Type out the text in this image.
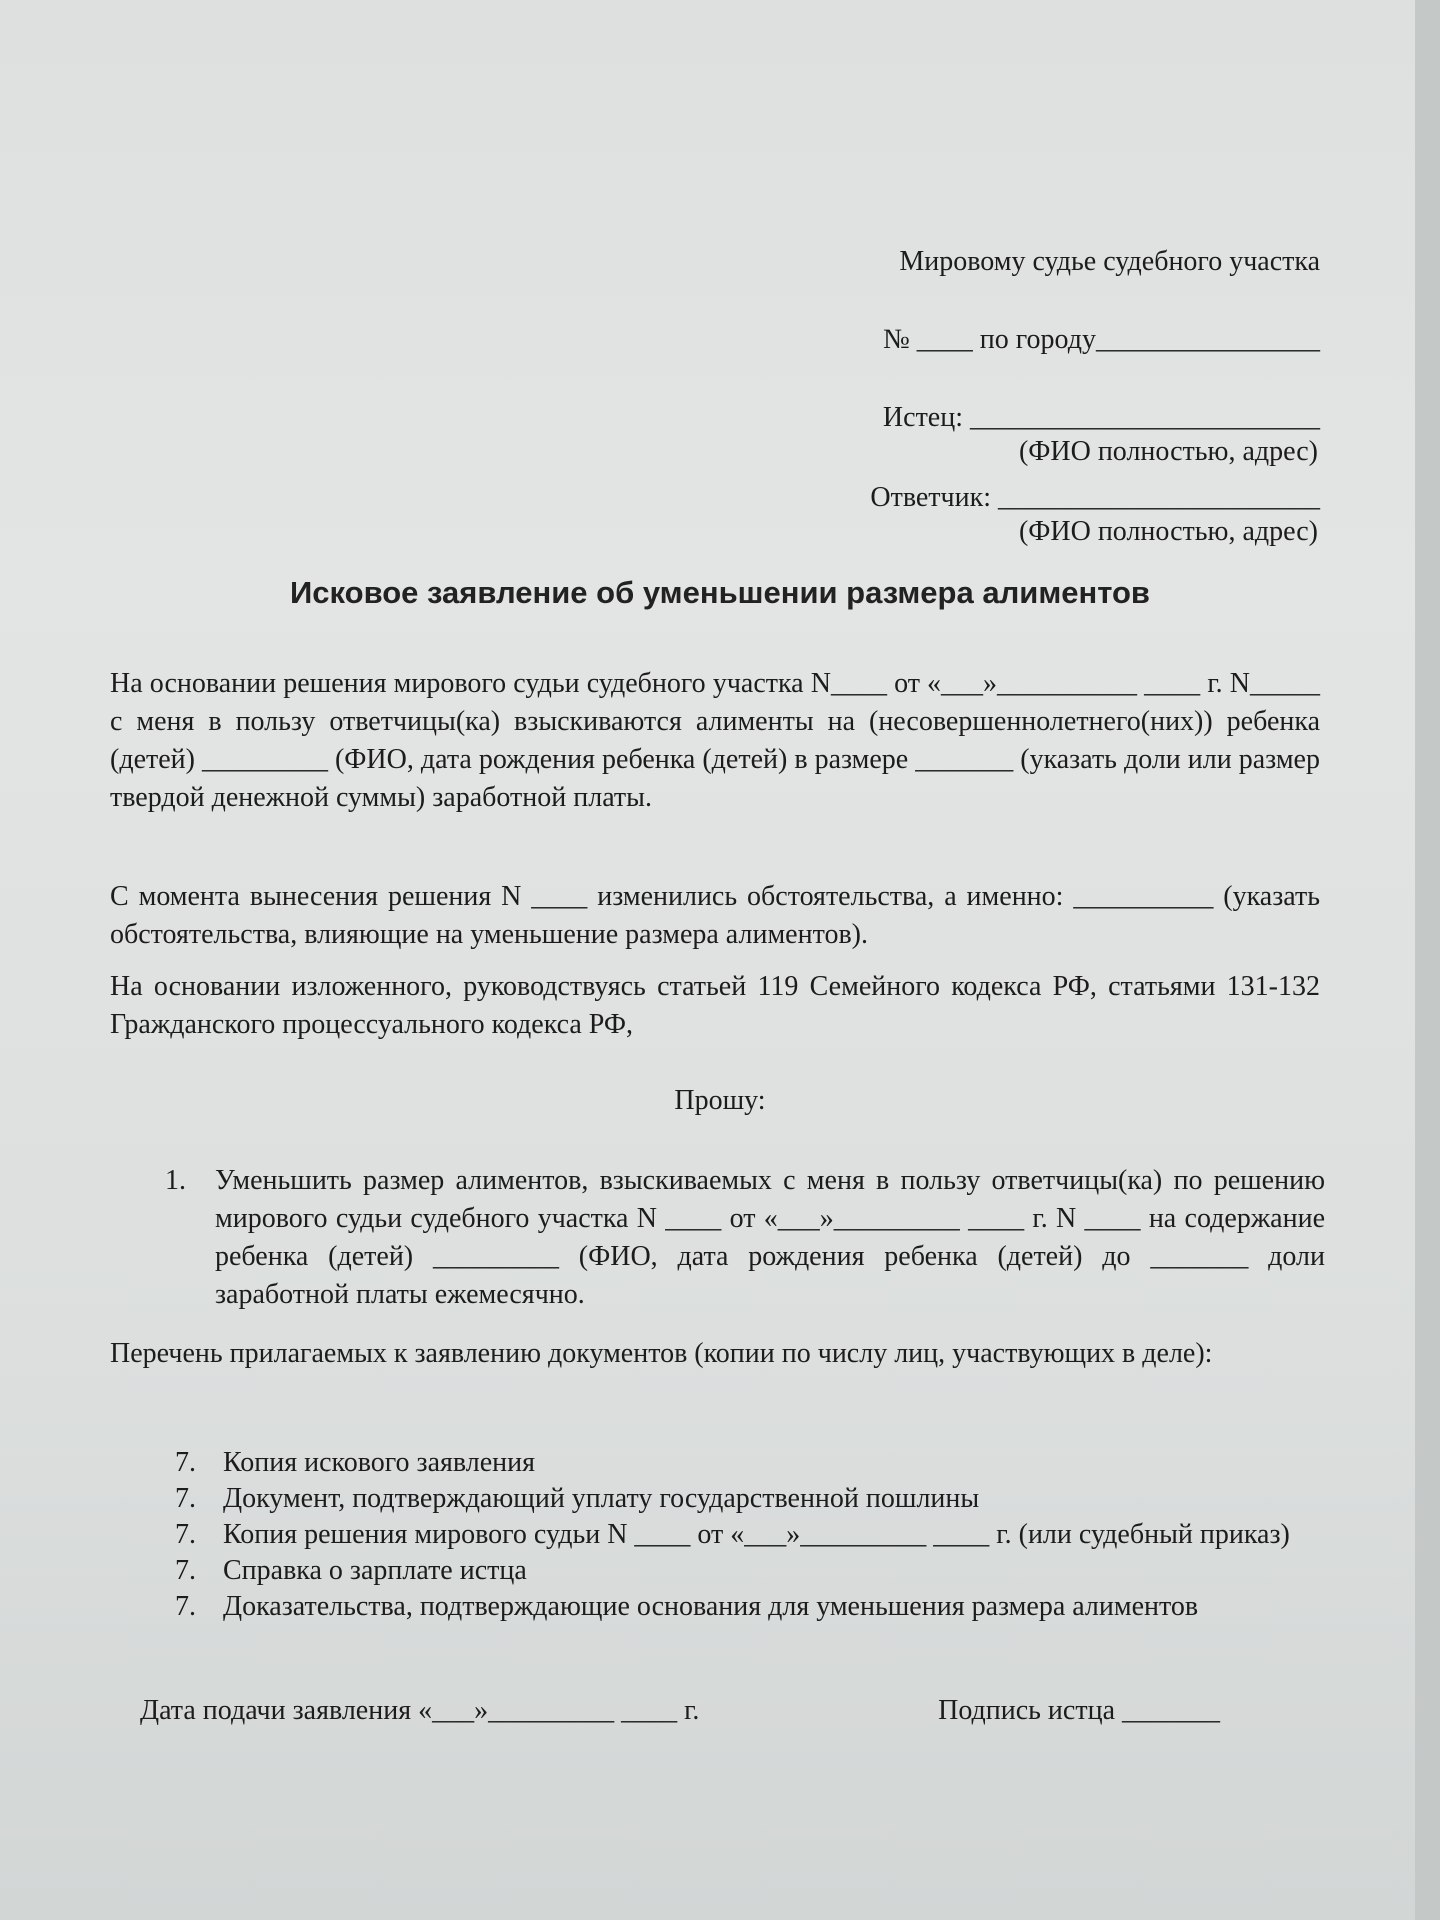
Мировому судье судебного участка
№ ____ по городу________________
Истец: _________________________
(ФИО полностью, адрес)
Ответчик: _______________________
(ФИО полностью, адрес)
Исковое заявление об уменьшении размера алиментов
На основании решения мирового судьи судебного участка N____ от «___»__________ ____ г. N_____ с меня в пользу ответчицы(ка) взыскиваются алименты на (несовершеннолетнего(них)) ребенка (детей) _________ (ФИО, дата рождения ребенка (детей) в размере _______ (указать доли или размер твердой денежной суммы) заработной платы.
С момента вынесения решения N ____ изменились обстоятельства, а именно: __________ (указать обстоятельства, влияющие на уменьшение размера алиментов).
На основании изложенного, руководствуясь статьей 119 Семейного кодекса РФ, статьями 131-132 Гражданского процессуального кодекса РФ,
Прошу:
1.	Уменьшить размер алиментов, взыскиваемых с меня в пользу ответчицы(ка) по решению мирового судьи судебного участка N ____ от «___»_________ ____ г. N ____ на содержание ребенка (детей) _________ (ФИО, дата рождения ребенка (детей) до _______ доли заработной платы ежемесячно.
Перечень прилагаемых к заявлению документов (копии по числу лиц, участвующих в деле):
7. Копия искового заявления
7. Документ, подтверждающий уплату государственной пошлины
7. Копия решения мирового судьи N ____ от «___»_________ ____ г. (или судебный приказ)
7. Справка о зарплате истца
7. Доказательства, подтверждающие основания для уменьшения размера алиментов
Дата подачи заявления «___»_________ ____ г.	Подпись истца _______
